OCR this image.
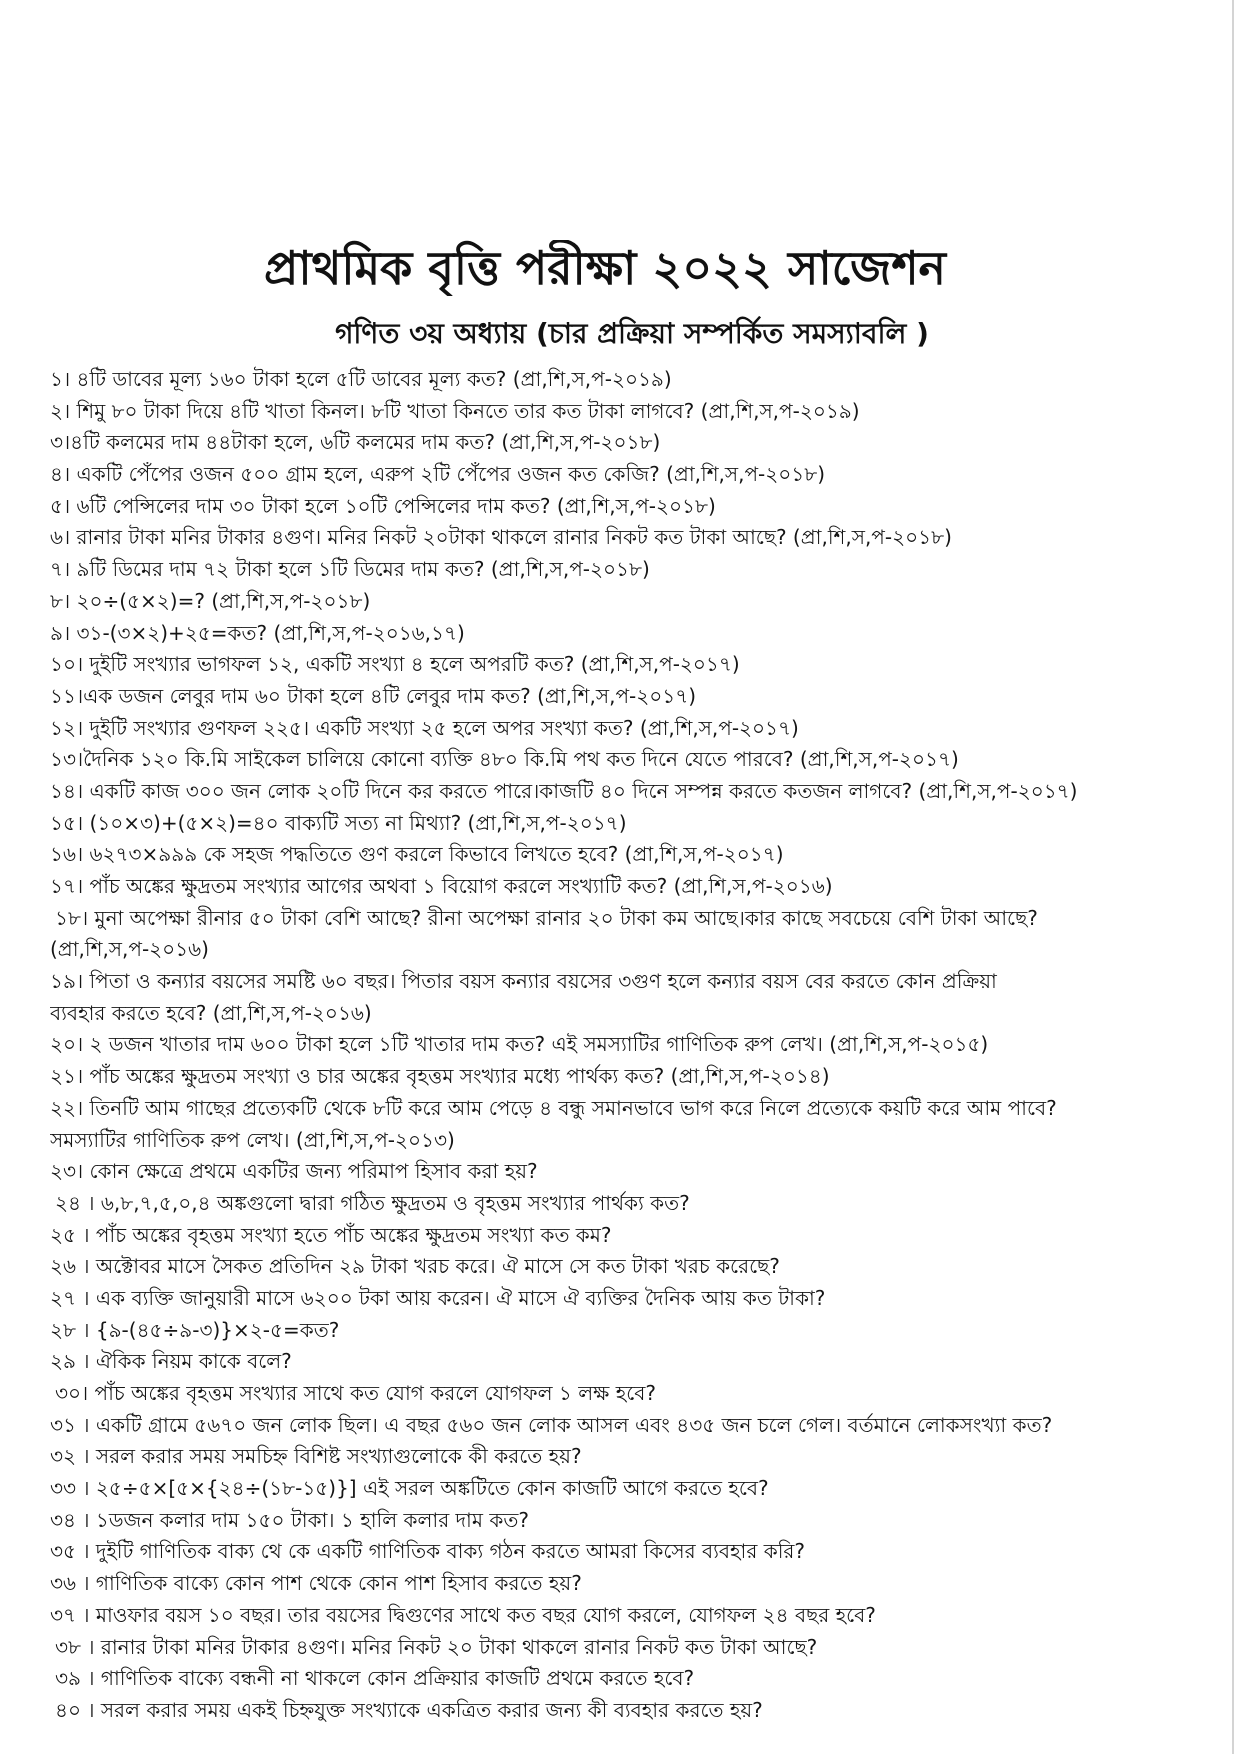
প্রাথমিক বৃত্তি পরীক্ষা ২০২২ সাজেশন
গণিত ৩য় অধ্যায় (চার প্রক্রিয়া সম্পর্কিত সমস্যাবলি )
১। ৪টি ডাবের মূল্য ১৬০ টাকা হলে ৫টি ডাবের মূল্য কত? (প্রা,শি,স,প-২০১৯)
২। শিমু ৮০ টাকা দিয়ে ৪টি খাতা কিনল। ৮টি খাতা কিনতে তার কত টাকা লাগবে? (প্রা,শি,স,প-২০১৯)
৩।৪টি কলমের দাম ৪৪টাকা হলে, ৬টি কলমের দাম কত? (প্রা,শি,স,প-২০১৮)
৪। একটি পেঁপের ওজন ৫০০ গ্রাম হলে, এরুপ ২টি পেঁপের ওজন কত কেজি? (প্রা,শি,স,প-২০১৮)
৫। ৬টি পেন্সিলের দাম ৩০ টাকা হলে ১০টি পেন্সিলের দাম কত? (প্রা,শি,স,প-২০১৮)
৬। রানার টাকা মনির টাকার ৪গুণ। মনির নিকট ২০টাকা থাকলে রানার নিকট কত টাকা আছে? (প্রা,শি,স,প-২০১৮)
৭। ৯টি ডিমের দাম ৭২ টাকা হলে ১টি ডিমের দাম কত? (প্রা,শি,স,প-২০১৮)
৮। ২০÷(৫×২)=? (প্রা,শি,স,প-২০১৮)
৯। ৩১-(৩×২)+২৫=কত? (প্রা,শি,স,প-২০১৬,১৭)
১০। দুইটি সংখ্যার ভাগফল ১২, একটি সংখ্যা ৪ হলে অপরটি কত? (প্রা,শি,স,প-২০১৭)
১১।এক ডজন লেবুর দাম ৬০ টাকা হলে ৪টি লেবুর দাম কত? (প্রা,শি,স,প-২০১৭)
১২। দুইটি সংখ্যার গুণফল ২২৫। একটি সংখ্যা ২৫ হলে অপর সংখ্যা কত? (প্রা,শি,স,প-২০১৭)
১৩।দৈনিক ১২০ কি.মি সাইকেল চালিয়ে কোনো ব্যক্তি ৪৮০ কি.মি পথ কত দিনে যেতে পারবে? (প্রা,শি,স,প-২০১৭)
১৪। একটি কাজ ৩০০ জন লোক ২০টি দিনে কর করতে পারে।কাজটি ৪০ দিনে সম্পন্ন করতে কতজন লাগবে? (প্রা,শি,স,প-২০১৭)
১৫। (১০×৩)+(৫×২)=৪০ বাক্যটি সত্য না মিথ্যা? (প্রা,শি,স,প-২০১৭)
১৬। ৬২৭৩×৯৯৯ কে সহজ পদ্ধতিতে গুণ করলে কিভাবে লিখতে হবে? (প্রা,শি,স,প-২০১৭)
১৭। পাঁচ অঙ্কের ক্ষুদ্রতম সংখ্যার আগের অথবা ১ বিয়োগ করলে সংখ্যাটি কত? (প্রা,শি,স,প-২০১৬)
১৮। মুনা অপেক্ষা রীনার ৫০ টাকা বেশি আছে? রীনা অপেক্ষা রানার ২০ টাকা কম আছে।কার কাছে সবচেয়ে বেশি টাকা আছে?
(প্রা,শি,স,প-২০১৬)
১৯। পিতা ও কন্যার বয়সের সমষ্টি ৬০ বছর। পিতার বয়স কন্যার বয়সের ৩গুণ হলে কন্যার বয়স বের করতে কোন প্রক্রিয়া
ব্যবহার করতে হবে? (প্রা,শি,স,প-২০১৬)
২০। ২ ডজন খাতার দাম ৬০০ টাকা হলে ১টি খাতার দাম কত? এই সমস্যাটির গাণিতিক রুপ লেখ। (প্রা,শি,স,প-২০১৫)
২১। পাঁচ অঙ্কের ক্ষুদ্রতম সংখ্যা ও চার অঙ্কের বৃহত্তম সংখ্যার মধ্যে পার্থক্য কত? (প্রা,শি,স,প-২০১৪)
২২। তিনটি আম গাছের প্রত্যেকটি থেকে ৮টি করে আম পেড়ে ৪ বন্ধু সমানভাবে ভাগ করে নিলে প্রত্যেকে কয়টি করে আম পাবে?
সমস্যাটির গাণিতিক রুপ লেখ। (প্রা,শি,স,প-২০১৩)
২৩। কোন ক্ষেত্রে প্রথমে একটির জন্য পরিমাপ হিসাব করা হয়?
২৪ । ৬,৮,৭,৫,০,৪ অঙ্কগুলো দ্বারা গঠিত ক্ষুদ্রতম ও বৃহত্তম সংখ্যার পার্থক্য কত?
২৫ । পাঁচ অঙ্কের বৃহত্তম সংখ্যা হতে পাঁচ অঙ্কের ক্ষুদ্রতম সংখ্যা কত কম?
২৬ । অক্টোবর মাসে সৈকত প্রতিদিন ২৯ টাকা খরচ করে। ঐ মাসে সে কত টাকা খরচ করেছে?
২৭ । এক ব্যক্তি জানুয়ারী মাসে ৬২০০ টকা আয় করেন। ঐ মাসে ঐ ব্যক্তির দৈনিক আয় কত টাকা?
২৮ । {৯-(৪৫÷৯-৩)}×২-৫=কত?
২৯ । ঐকিক নিয়ম কাকে বলে?
৩০। পাঁচ অঙ্কের বৃহত্তম সংখ্যার সাথে কত যোগ করলে যোগফল ১ লক্ষ হবে?
৩১ । একটি গ্রামে ৫৬৭০ জন লোক ছিল। এ বছর ৫৬০ জন লোক আসল এবং ৪৩৫ জন চলে গেল। বর্তমানে লোকসংখ্যা কত?
৩২ । সরল করার সময় সমচিহ্ন বিশিষ্ট সংখ্যাগুলোকে কী করতে হয়?
৩৩ । ২৫÷৫×[৫×{২৪÷(১৮-১৫)}] এই সরল অঙ্কটিতে কোন কাজটি আগে করতে হবে?
৩৪ । ১ডজন কলার দাম ১৫০ টাকা। ১ হালি কলার দাম কত?
৩৫ । দুইটি গাণিতিক বাক্য থে কে একটি গাণিতিক বাক্য গঠন করতে আমরা কিসের ব্যবহার করি?
৩৬ । গাণিতিক বাক্যে কোন পাশ থেকে কোন পাশ হিসাব করতে হয়?
৩৭ । মাওফার বয়স ১০ বছর। তার বয়সের দ্বিগুণের সাথে কত বছর যোগ করলে, যোগফল ২৪ বছর হবে?
৩৮ । রানার টাকা মনির টাকার ৪গুণ। মনির নিকট ২০ টাকা থাকলে রানার নিকট কত টাকা আছে?
৩৯ । গাণিতিক বাক্যে বন্ধনী না থাকলে কোন প্রক্রিয়ার কাজটি প্রথমে করতে হবে?
৪০ । সরল করার সময় একই চিহ্নযুক্ত সংখ্যাকে একত্রিত করার জন্য কী ব্যবহার করতে হয়?
